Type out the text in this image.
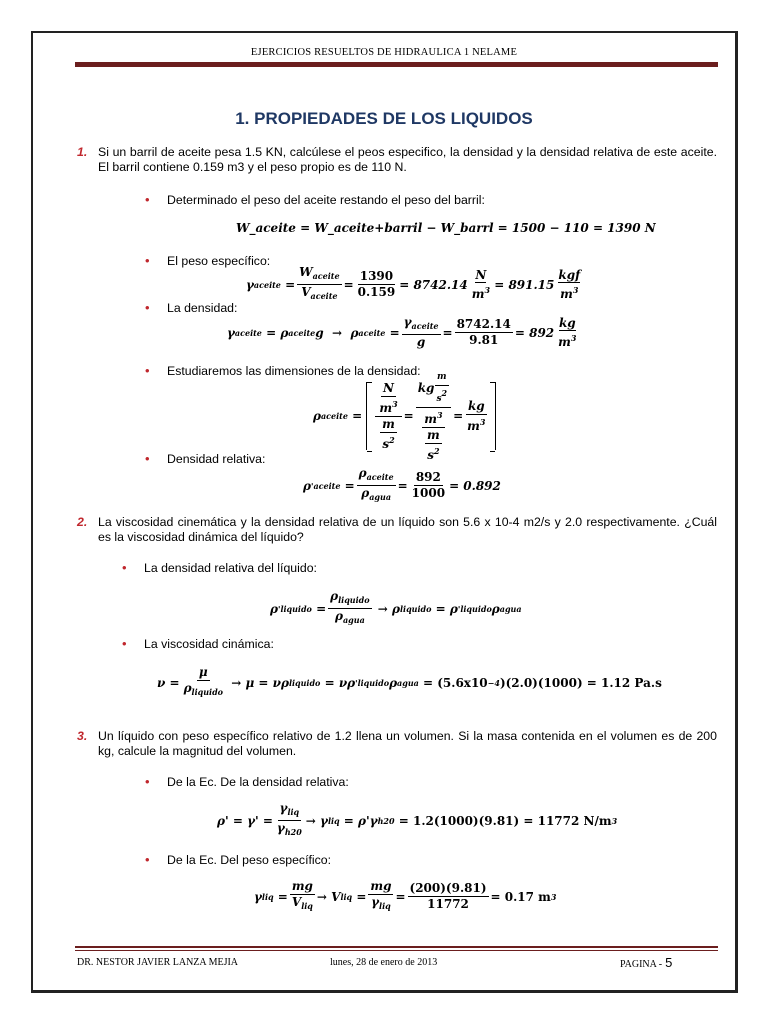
EJERCICIOS RESUELTOS DE HIDRAULICA 1 NELAME
1. PROPIEDADES DE LOS LIQUIDOS
1. Si un barril de aceite pesa 1.5 KN, calcúlese el peos especifico, la densidad y la densidad relativa de este aceite. El barril contiene 0.159 m3 y el peso propio es de 110 N.
• Determinado el peso del aceite restando el peso del barril:
W_aceite = W_aceite+barril − W_barrl = 1500 − 110 = 1390 N
• El peso específico:
γ aceite = $\frac{W_{aceite}}{V_{aceite}} = \frac{1390}{0.159} = 8742.14$
N
$m^3 = 891.15$
kgf
$m^3$
• La densidad:
γ aceite = ρ aceite g
→
ρ aceite = $\frac{\gamma_{aceite}}{g} = \frac{8742.14}{9.81} = 892$
kg
$m^3$
• Estudiaremos las dimensiones de la densidad:
ρ aceite = $\frac{\frac{N}{m^3}}{\frac{m}{s^2}} = \frac{kg \frac{m}{s^2}}{\frac{m^3}{\frac{m}{s^2}}} = \frac{kg}{m^3}$
• Densidad relativa:
ρ ' aceite = $\frac{\rho_{aceite}}{\rho_{agua}} = \frac{892}{1000} = 0.892$
2. La viscosidad cinemática y la densidad relativa de un líquido son 5.6 x 10-4 m2/s y 2.0 respectivamente. ¿Cuál es la viscosidad dinámica del líquido?
• La densidad relativa del líquido:
ρ ' liquido = $\frac{\rho_{liquido}}{\rho_{agua}} \to \rho$ liquido = ρ ' liquido ρ agua
• La viscosidad cinámica:
$\nu = \frac{\mu}{\rho_{liquido}} \to \mu = \nu\rho$ liquido = νρ ' liquido ρ agua = (5.6x10 −4 )(2.0)(1000) = 1.12 Pa.s
3. Un líquido con peso específico relativo de 1.2 llena un volumen. Si la masa contenida en el volumen es de 200 kg, calcule la magnitud del volumen.
• De la Ec. De la densidad relativa:
$\rho' = \gamma' = \frac{\gamma_{liq}}{\gamma_{h20}} \to \gamma$ liq
= ρ'γ h20
= 1.2(1000)(9.81) = 11772 N/m 3
• De la Ec. Del peso específico:
γ liq = $\frac{mg}{V_{liq}} \to V$ liq = $\frac{mg}{\gamma_{liq}} = \frac{(200)(9.81)}{11772} = 0.17$ m 3
DR. NESTOR JAVIER LANZA MEJIA	lunes, 28 de enero de 2013	PAGINA - 5
